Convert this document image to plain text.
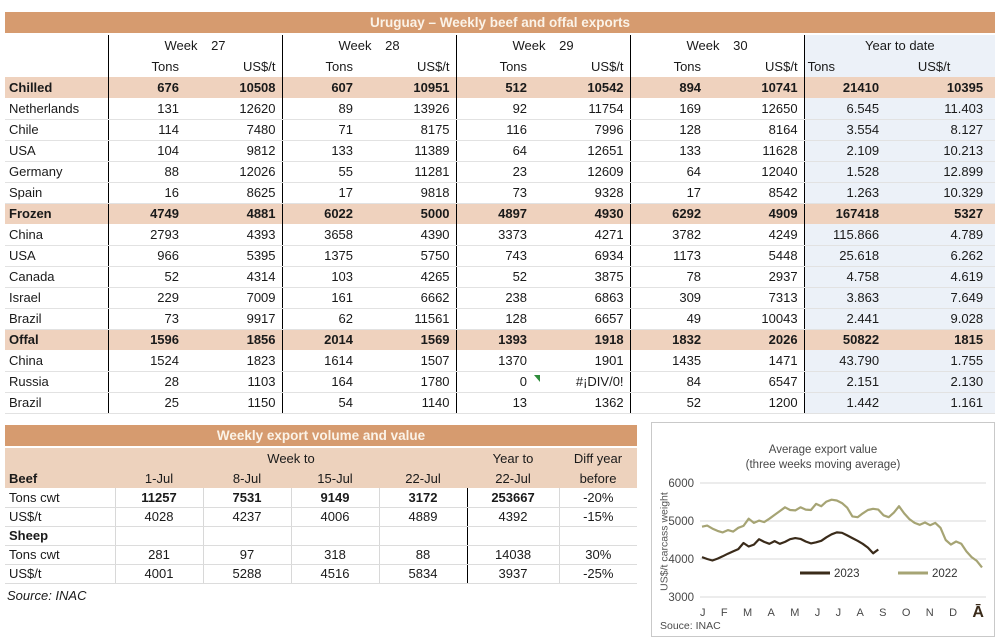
Uruguay – Weekly beef and offal exports
	Week 27		Week 28		Week 29		Week 30		Year to date	
	Tons	US$/t	Tons	US$/t	Tons	US$/t	Tons	US$/t	Tons	US$/t
Chilled	676	10508	607	10951	512	10542	894	10741	21410	10395
Netherlands	131	12620	89	13926	92	11754	169	12650	6.545	11.403
Chile	114	7480	71	8175	116	7996	128	8164	3.554	8.127
USA	104	9812	133	11389	64	12651	133	11628	2.109	10.213
Germany	88	12026	55	11281	23	12609	64	12040	1.528	12.899
Spain	16	8625	17	9818	73	9328	17	8542	1.263	10.329
Frozen	4749	4881	6022	5000	4897	4930	6292	4909	167418	5327
China	2793	4393	3658	4390	3373	4271	3782	4249	115.866	4.789
USA	966	5395	1375	5750	743	6934	1173	5448	25.618	6.262
Canada	52	4314	103	4265	52	3875	78	2937	4.758	4.619
Israel	229	7009	161	6662	238	6863	309	7313	3.863	7.649
Brazil	73	9917	62	11561	128	6657	49	10043	2.441	9.028
Offal	1596	1856	2014	1569	1393	1918	1832	2026	50822	1815
China	1524	1823	1614	1507	1370	1901	1435	1471	43.790	1.755
Russia	28	1103	164	1780	0	#¡DIV/0!	84	6547	2.151	2.130
Brazil	25	1150	54	1140	13	1362	52	1200	1.442	1.161
Weekly export volume and value
	Week to				Year to	Diff year
Beef	1-Jul	8-Jul	15-Jul	22-Jul	22-Jul	before
Tons cwt	11257	7531	9149	3172	253667	-20%
US$/t	4028	4237	4006	4889	4392	-15%
Sheep						
Tons cwt	281	97	318	88	14038	30%
US$/t	4001	5288	4516	5834	3937	-25%
Source: INAC
Average export value
(three weeks moving average)
US$/t carcass weight
3000
4000
5000
6000
2023	2022
J F M A M J J A S O N D Ā
Souce: INAC
